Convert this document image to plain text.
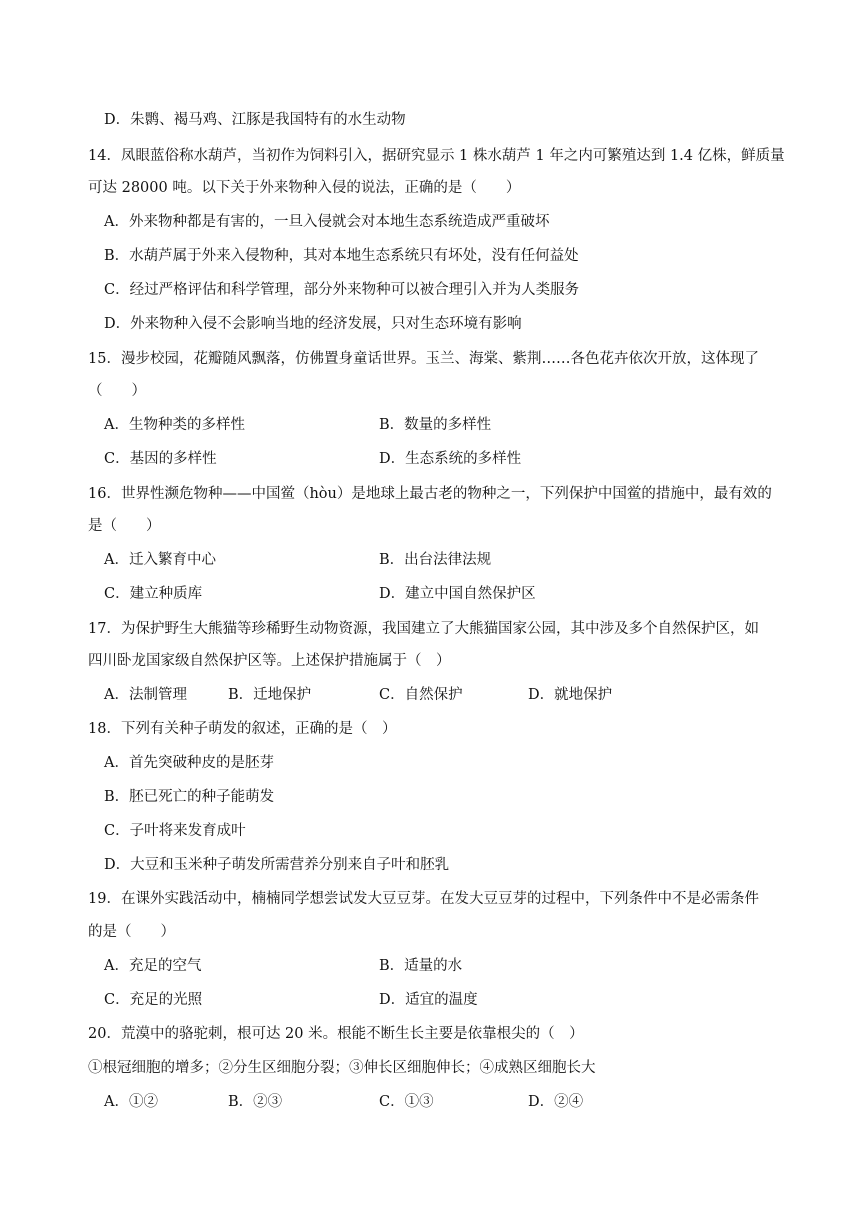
D．朱鹮、褐马鸡、江豚是我国特有的水生动物
14．凤眼蓝俗称水葫芦，当初作为饲料引入，据研究显示 1 株水葫芦 1 年之内可繁殖达到 1.4 亿株，鲜质量
可达 28000 吨。以下关于外来物种入侵的说法，正确的是（　　）
A．外来物种都是有害的，一旦入侵就会对本地生态系统造成严重破坏
B．水葫芦属于外来入侵物种，其对本地生态系统只有坏处，没有任何益处
C．经过严格评估和科学管理，部分外来物种可以被合理引入并为人类服务
D．外来物种入侵不会影响当地的经济发展，只对生态环境有影响
15．漫步校园，花瓣随风飘落，仿佛置身童话世界。玉兰、海棠、紫荆……各色花卉依次开放，这体现了
（　　）
A．生物种类的多样性	B．数量的多样性
C．基因的多样性	D．生态系统的多样性
16．世界性濒危物种——中国鲎（hòu）是地球上最古老的物种之一，下列保护中国鲎的措施中，最有效的
是（　　）
A．迁入繁育中心	B．出台法律法规
C．建立种质库	D．建立中国自然保护区
17．为保护野生大熊猫等珍稀野生动物资源，我国建立了大熊猫国家公园，其中涉及多个自然保护区，如
四川卧龙国家级自然保护区等。上述保护措施属于（　）
A．法制管理	B．迁地保护	C．自然保护	D．就地保护
18．下列有关种子萌发的叙述，正确的是（　）
A．首先突破种皮的是胚芽
B．胚已死亡的种子能萌发
C．子叶将来发育成叶
D．大豆和玉米种子萌发所需营养分别来自子叶和胚乳
19．在课外实践活动中，楠楠同学想尝试发大豆豆芽。在发大豆豆芽的过程中，下列条件中不是必需条件
的是（　　）
A．充足的空气	B．适量的水
C．充足的光照	D．适宜的温度
20．荒漠中的骆驼刺，根可达 20 米。根能不断生长主要是依靠根尖的（　）
①根冠细胞的增多；②分生区细胞分裂；③伸长区细胞伸长；④成熟区细胞长大
A．①②	B．②③	C．①③	D．②④
